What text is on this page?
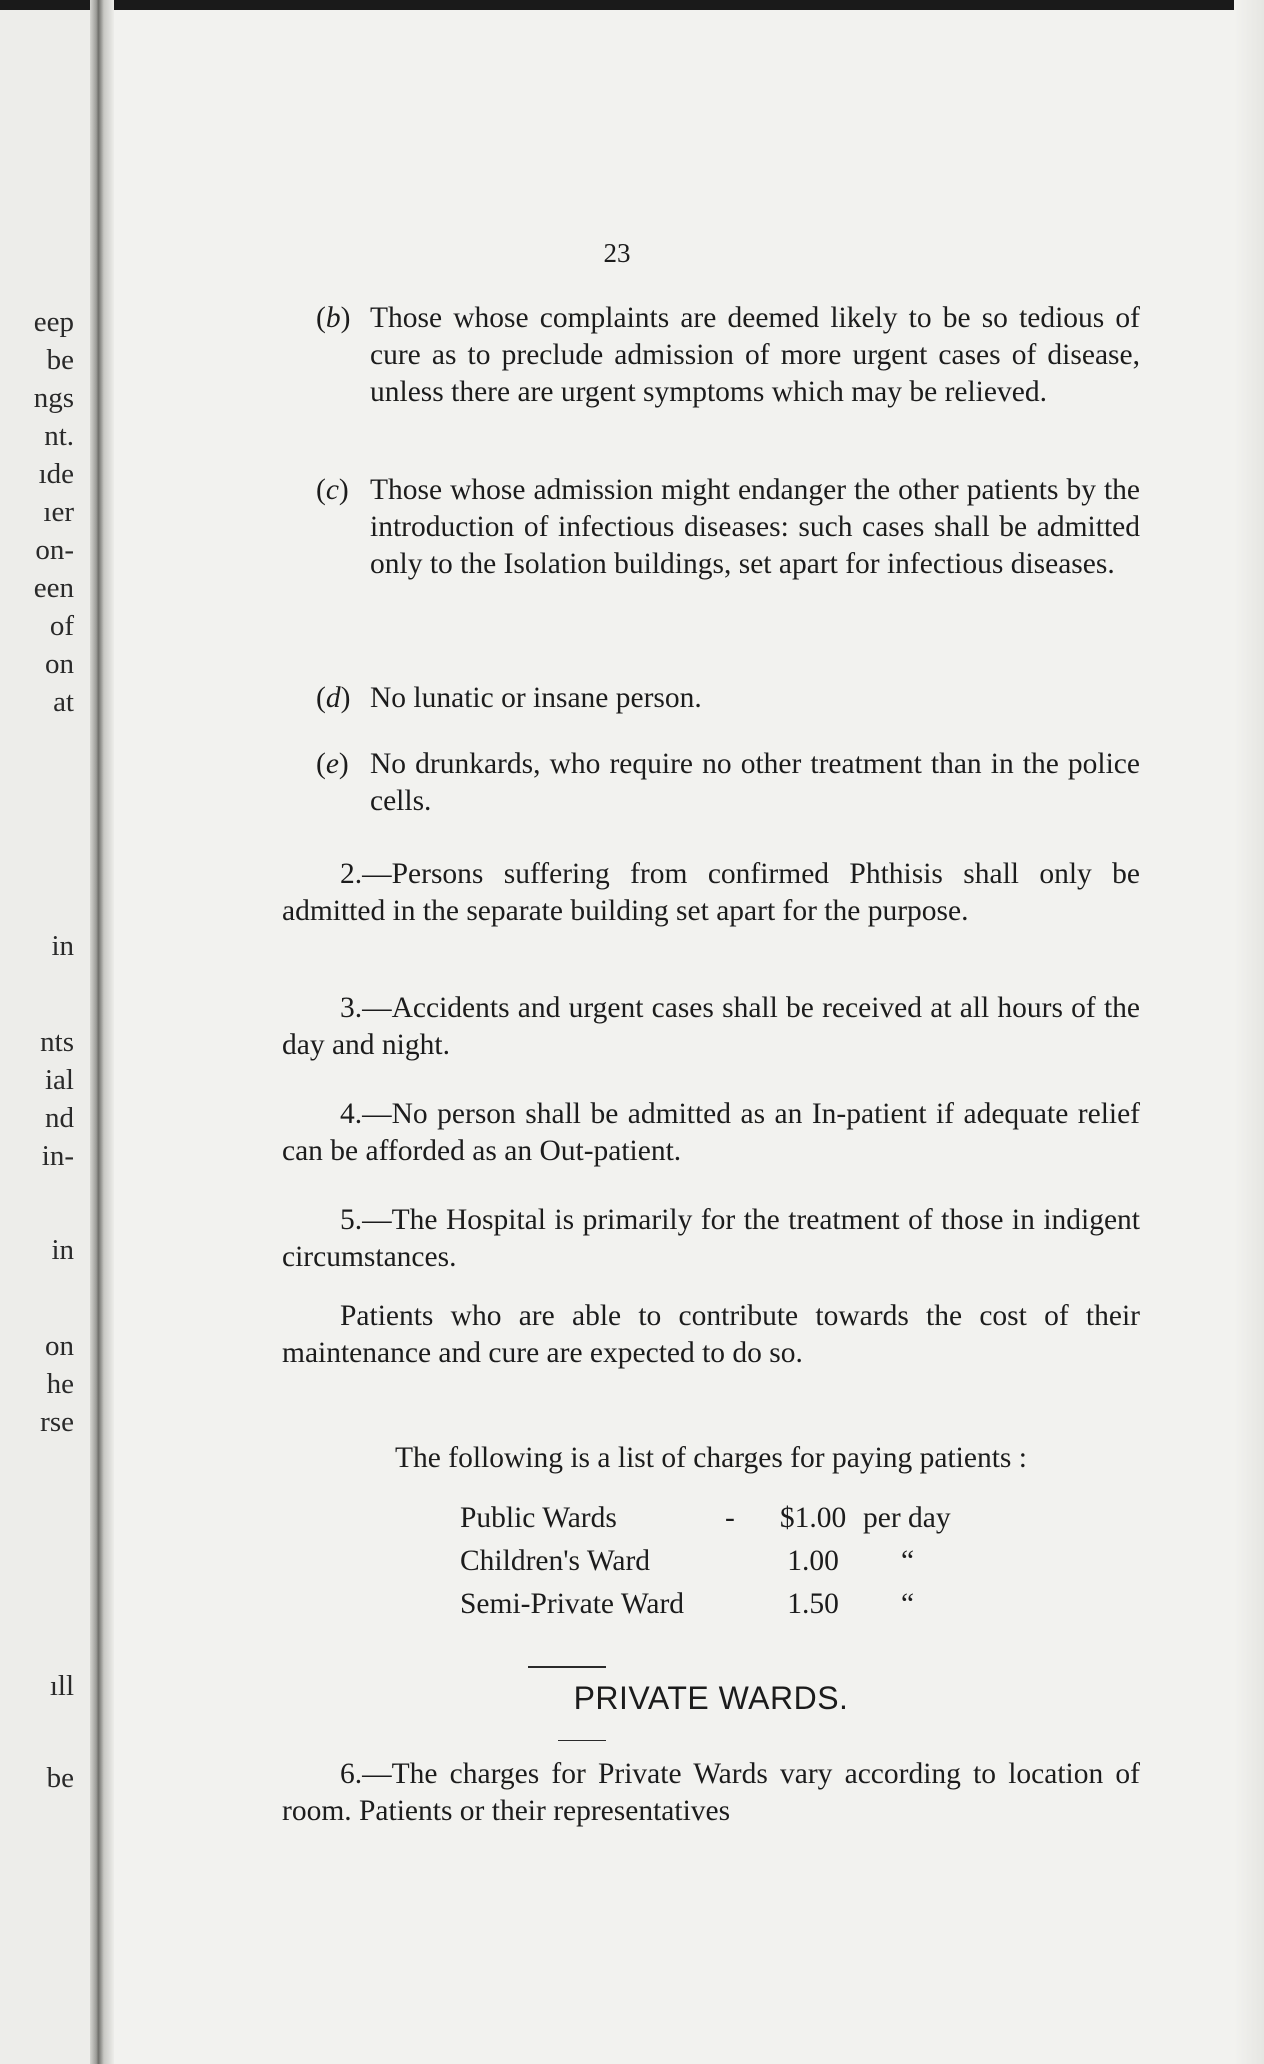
eep
be
ngs
nt.
ıde
ıer
on-
een
of
on
at
in
nts
ial
nd
in-
in
on
he
rse
ıll
be
23
(b) Those whose complaints are deemed likely to be so tedious of cure as to preclude admission of more urgent cases of disease, unless there are urgent symptoms which may be relieved.
(c) Those whose admission might endanger the other patients by the introduction of infectious diseases: such cases shall be admitted only to the Isolation buildings, set apart for infectious diseases.
(d) No lunatic or insane person.
(e) No drunkards, who require no other treatment than in the police cells.
2.—Persons suffering from confirmed Phthisis shall only be admitted in the separate building set apart for the purpose.
3.—Accidents and urgent cases shall be received at all hours of the day and night.
4.—No person shall be admitted as an In-patient if adequate relief can be afforded as an Out-patient.
5.—The Hospital is primarily for the treatment of those in indigent circumstances.
Patients who are able to contribute towards the cost of their maintenance and cure are expected to do so.
The following is a list of charges for paying patients :
Public Wards	-	$1.00	per day
Children's Ward		1.00	“
Semi-Private Ward		1.50	“
PRIVATE WARDS.
6.—The charges for Private Wards vary according to location of room. Patients or their representatives
